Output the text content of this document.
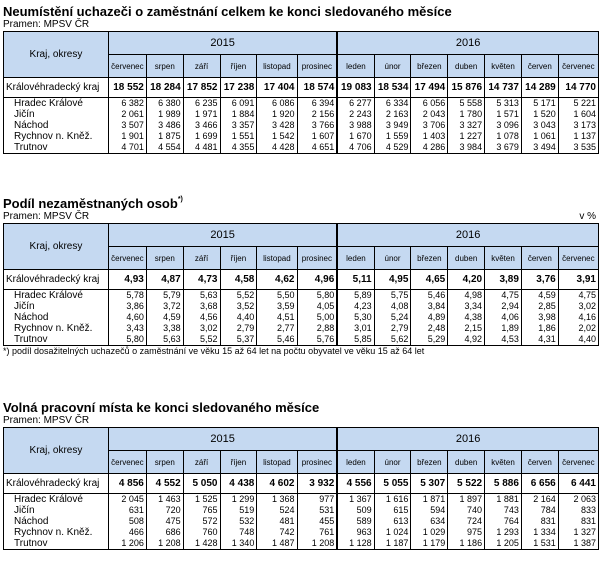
Neumístění uchazeči o zaměstnání celkem ke konci sledovaného měsíce
Pramen: MPSV ČR
Kraj, okresy	2015						2016						
	červenec	srpen	září	říjen	listopad	prosinec	leden	únor	březen	duben	květen	červen	červenec
Královéhradecký kraj	18 552	18 284	17 852	17 238	17 404	18 574	19 083	18 534	17 494	15 876	14 737	14 289	14 770
Hradec Králové	6 382	6 380	6 235	6 091	6 086	6 394	6 277	6 334	6 056	5 558	5 313	5 171	5 221
Jičín	2 061	1 989	1 971	1 884	1 920	2 156	2 243	2 163	2 043	1 780	1 571	1 520	1 604
Náchod	3 507	3 486	3 466	3 357	3 428	3 766	3 988	3 949	3 706	3 327	3 096	3 043	3 173
Rychnov n. Kněž.	1 901	1 875	1 699	1 551	1 542	1 607	1 670	1 559	1 403	1 227	1 078	1 061	1 137
Trutnov	4 701	4 554	4 481	4 355	4 428	4 651	4 706	4 529	4 286	3 984	3 679	3 494	3 535
Podíl nezaměstnaných osob*)
Pramen: MPSV ČR	v %
Kraj, okresy	2015						2016						
	červenec	srpen	září	říjen	listopad	prosinec	leden	únor	březen	duben	květen	červen	červenec
Královéhradecký kraj	4,93	4,87	4,73	4,58	4,62	4,96	5,11	4,95	4,65	4,20	3,89	3,76	3,91
Hradec Králové	5,78	5,79	5,63	5,52	5,50	5,80	5,89	5,75	5,46	4,98	4,75	4,59	4,75
Jičín	3,86	3,72	3,68	3,52	3,59	4,05	4,23	4,08	3,84	3,34	2,94	2,85	3,02
Náchod	4,60	4,59	4,56	4,40	4,51	5,00	5,30	5,24	4,89	4,38	4,06	3,98	4,16
Rychnov n. Kněž.	3,43	3,38	3,02	2,79	2,77	2,88	3,01	2,79	2,48	2,15	1,89	1,86	2,02
Trutnov	5,80	5,63	5,52	5,37	5,46	5,76	5,85	5,62	5,29	4,92	4,53	4,31	4,40
*) podíl dosažitelných uchazečů o zaměstnání ve věku 15 až 64 let na počtu obyvatel ve věku 15 až 64 let
Volná pracovní místa ke konci sledovaného měsíce
Pramen: MPSV ČR
Kraj, okresy	2015						2016						
	červenec	srpen	září	říjen	listopad	prosinec	leden	únor	březen	duben	květen	červen	červenec
Královéhradecký kraj	4 856	4 552	5 050	4 438	4 602	3 932	4 556	5 055	5 307	5 522	5 886	6 656	6 441
Hradec Králové	2 045	1 463	1 525	1 299	1 368	977	1 367	1 616	1 871	1 897	1 881	2 164	2 063
Jičín	631	720	765	519	524	531	509	615	594	740	743	784	833
Náchod	508	475	572	532	481	455	589	613	634	724	764	831	831
Rychnov n. Kněž.	466	686	760	748	742	761	963	1 024	1 029	975	1 293	1 334	1 327
Trutnov	1 206	1 208	1 428	1 340	1 487	1 208	1 128	1 187	1 179	1 186	1 205	1 531	1 387
